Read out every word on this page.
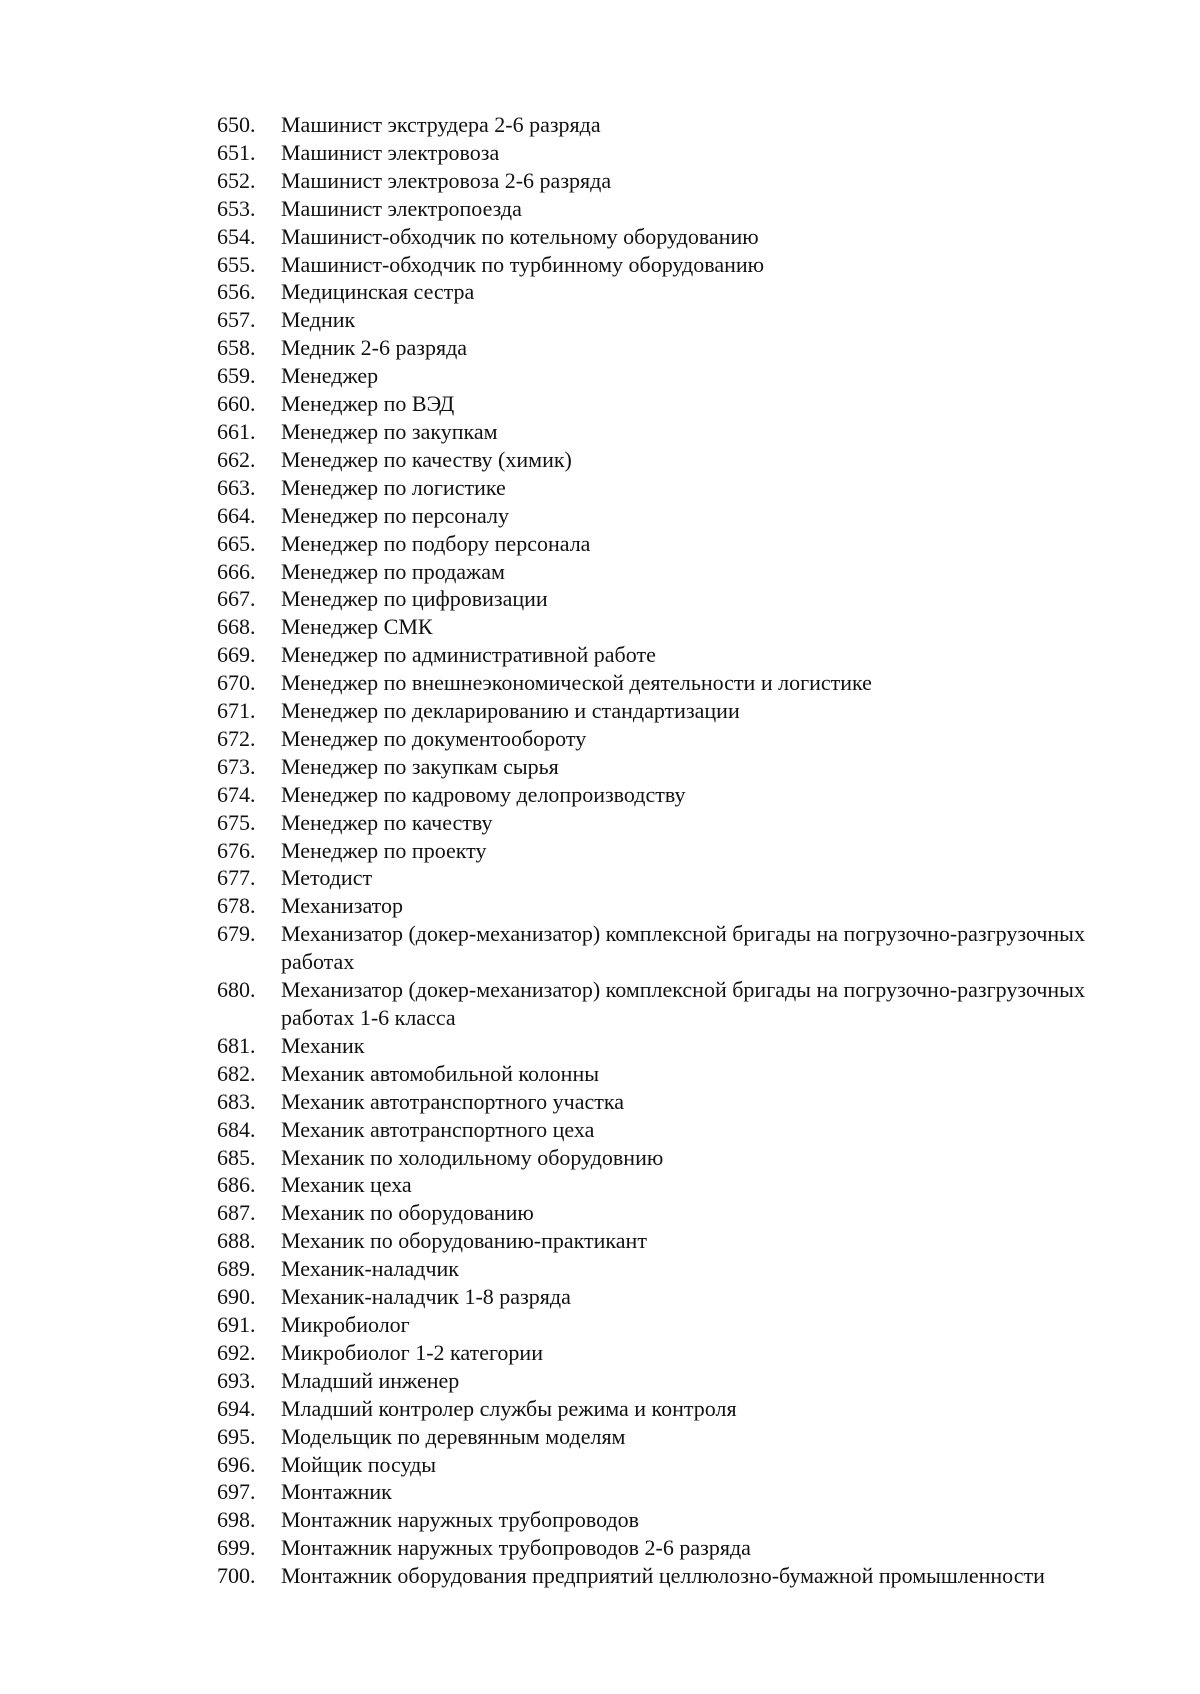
650.	Машинист экструдера 2-6 разряда
651.	Машинист электровоза
652.	Машинист электровоза 2-6 разряда
653.	Машинист электропоезда
654.	Машинист-обходчик по котельному оборудованию
655.	Машинист-обходчик по турбинному оборудованию
656.	Медицинская сестра
657.	Медник
658.	Медник 2-6 разряда
659.	Менеджер
660.	Менеджер по ВЭД
661.	Менеджер по закупкам
662.	Менеджер по качеству (химик)
663.	Менеджер по логистике
664.	Менеджер по персоналу
665.	Менеджер по подбору персонала
666.	Менеджер по продажам
667.	Менеджер по цифровизации
668.	Менеджер СМК
669.	Менеджер по административной работе
670.	Менеджер по внешнеэкономической деятельности и логистике
671.	Менеджер по декларированию и стандартизации
672.	Менеджер по документообороту
673.	Менеджер по закупкам сырья
674.	Менеджер по кадровому делопроизводству
675.	Менеджер по качеству
676.	Менеджер по проекту
677.	Методист
678.	Механизатор
679.	Механизатор (докер-механизатор) комплексной бригады на погрузочно-разгрузочных работах
680.	Механизатор (докер-механизатор) комплексной бригады на погрузочно-разгрузочных работах 1-6 класса
681.	Механик
682.	Механик автомобильной колонны
683.	Механик автотранспортного участка
684.	Механик автотранспортного цеха
685.	Механик по холодильному оборудовнию
686.	Механик цеха
687.	Механик по оборудованию
688.	Механик по оборудованию-практикант
689.	Механик-наладчик
690.	Механик-наладчик 1-8 разряда
691.	Микробиолог
692.	Микробиолог 1-2 категории
693.	Младший инженер
694.	Младший контролер службы режима и контроля
695.	Модельщик по деревянным моделям
696.	Мойщик посуды
697.	Монтажник
698.	Монтажник наружных трубопроводов
699.	Монтажник наружных трубопроводов 2-6 разряда
700.	Монтажник оборудования предприятий целлюлозно-бумажной промышленности
